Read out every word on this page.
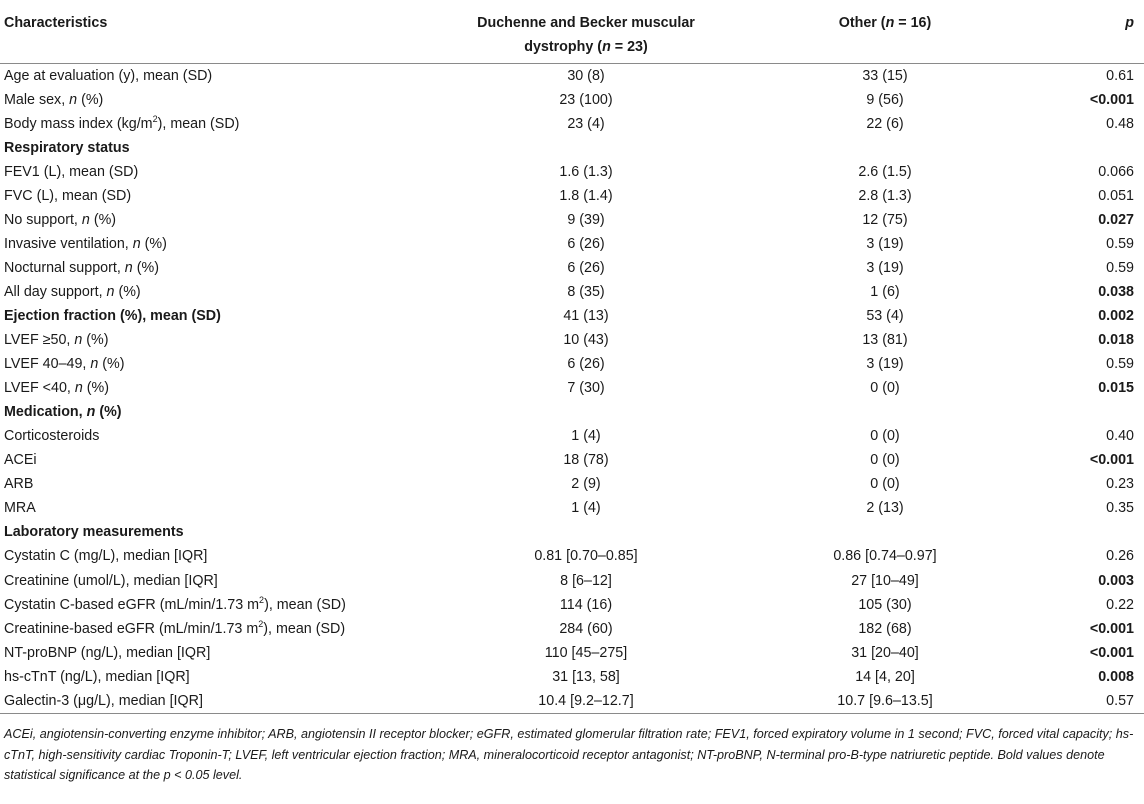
Characteristics	Duchenne and Becker muscular
dystrophy (n = 23)	Other (n = 16)	p
Age at evaluation (y), mean (SD)	30 (8)	33 (15)	0.61
Male sex, n (%)	23 (100)	9 (56)	<0.001
Body mass index $(kg/m^2)$, mean (SD)	23 (4)	22 (6)	0.48
Respiratory status			
FEV1 (L), mean (SD)	1.6 (1.3)	2.6 (1.5)	0.066
FVC (L), mean (SD)	1.8 (1.4)	2.8 (1.3)	0.051
No support, n (%)	9 (39)	12 (75)	0.027
Invasive ventilation, n (%)	6 (26)	3 (19)	0.59
Nocturnal support, n (%)	6 (26)	3 (19)	0.59
All day support, n (%)	8 (35)	1 (6)	0.038
Ejection fraction (%), mean (SD)	41 (13)	53 (4)	0.002
LVEF ≥50, n (%)	10 (43)	13 (81)	0.018
LVEF 40–49, n (%)	6 (26)	3 (19)	0.59
LVEF <40, n (%)	7 (30)	0 (0)	0.015
Medication, n (%)			
Corticosteroids	1 (4)	0 (0)	0.40
ACEi	18 (78)	0 (0)	<0.001
ARB	2 (9)	0 (0)	0.23
MRA	1 (4)	2 (13)	0.35
Laboratory measurements			
Cystatin C (mg/L), median [IQR]	0.81 [0.70–0.85]	0.86 [0.74–0.97]	0.26
Creatinine (umol/L), median [IQR]	8 [6–12]	27 [10–49]	0.003
Cystatin C-based eGFR (mL/min/1.73 $m^2$), mean (SD)	114 (16)	105 (30)	0.22
Creatinine-based eGFR (mL/min/1.73 $m^2$), mean (SD)	284 (60)	182 (68)	<0.001
NT-proBNP (ng/L), median [IQR]	110 [45–275]	31 [20–40]	<0.001
hs-cTnT (ng/L), median [IQR]	31 [13, 58]	14 [4, 20]	0.008
Galectin-3 (μg/L), median [IQR]	10.4 [9.2–12.7]	10.7 [9.6–13.5]	0.57
ACEi, angiotensin-converting enzyme inhibitor; ARB, angiotensin II receptor blocker; eGFR, estimated glomerular filtration rate; FEV1, forced expiratory volume in 1 second; FVC, forced vital capacity; hs-cTnT, high-sensitivity cardiac Troponin-T; LVEF, left ventricular ejection fraction; MRA, mineralocorticoid receptor antagonist; NT-proBNP, N-terminal pro-B-type natriuretic peptide. Bold values denote statistical significance at the p < 0.05 level.
